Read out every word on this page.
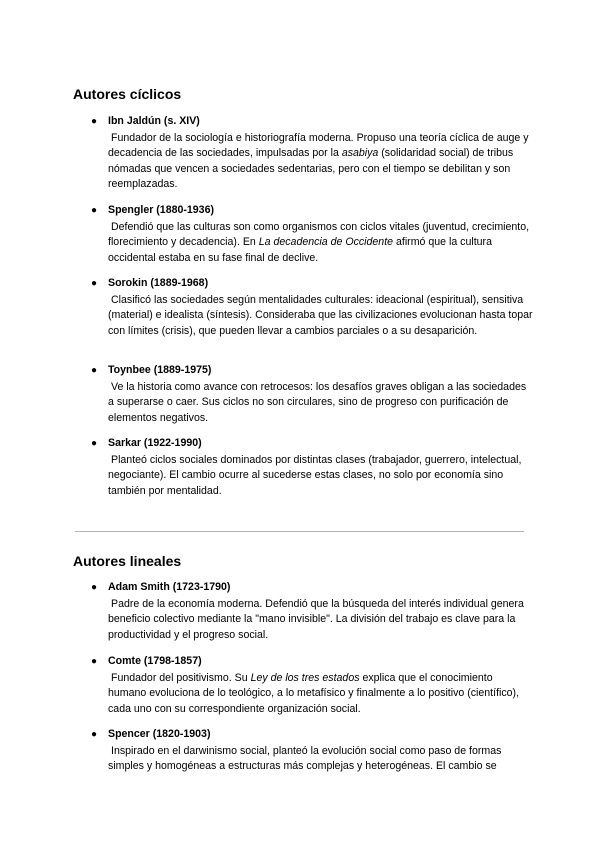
Autores cíclicos
● Ibn Jaldún (s. XIV)
Fundador de la sociología e historiografía moderna. Propuso una teoría cíclica de auge y decadencia de las sociedades, impulsadas por la asabiya (solidaridad social) de tribus nómadas que vencen a sociedades sedentarias, pero con el tiempo se debilitan y son reemplazadas.
● Spengler (1880-1936)
Defendió que las culturas son como organismos con ciclos vitales (juventud, crecimiento, florecimiento y decadencia). En La decadencia de Occidente afirmó que la cultura occidental estaba en su fase final de declive.
● Sorokin (1889-1968)
Clasificó las sociedades según mentalidades culturales: ideacional (espiritual), sensitiva (material) e idealista (síntesis). Consideraba que las civilizaciones evolucionan hasta topar con límites (crisis), que pueden llevar a cambios parciales o a su desaparición.
● Toynbee (1889-1975)
Ve la historia como avance con retrocesos: los desafíos graves obligan a las sociedades a superarse o caer. Sus ciclos no son circulares, sino de progreso con purificación de elementos negativos.
● Sarkar (1922-1990)
Planteó ciclos sociales dominados por distintas clases (trabajador, guerrero, intelectual, negociante). El cambio ocurre al sucederse estas clases, no solo por economía sino también por mentalidad.
Autores lineales
● Adam Smith (1723-1790)
Padre de la economía moderna. Defendió que la búsqueda del interés individual genera beneficio colectivo mediante la "mano invisible". La división del trabajo es clave para la productividad y el progreso social.
● Comte (1798-1857)
Fundador del positivismo. Su Ley de los tres estados explica que el conocimiento humano evoluciona de lo teológico, a lo metafísico y finalmente a lo positivo (científico), cada uno con su correspondiente organización social.
● Spencer (1820-1903)
Inspirado en el darwinismo social, planteó la evolución social como paso de formas simples y homogéneas a estructuras más complejas y heterogéneas. El cambio se
